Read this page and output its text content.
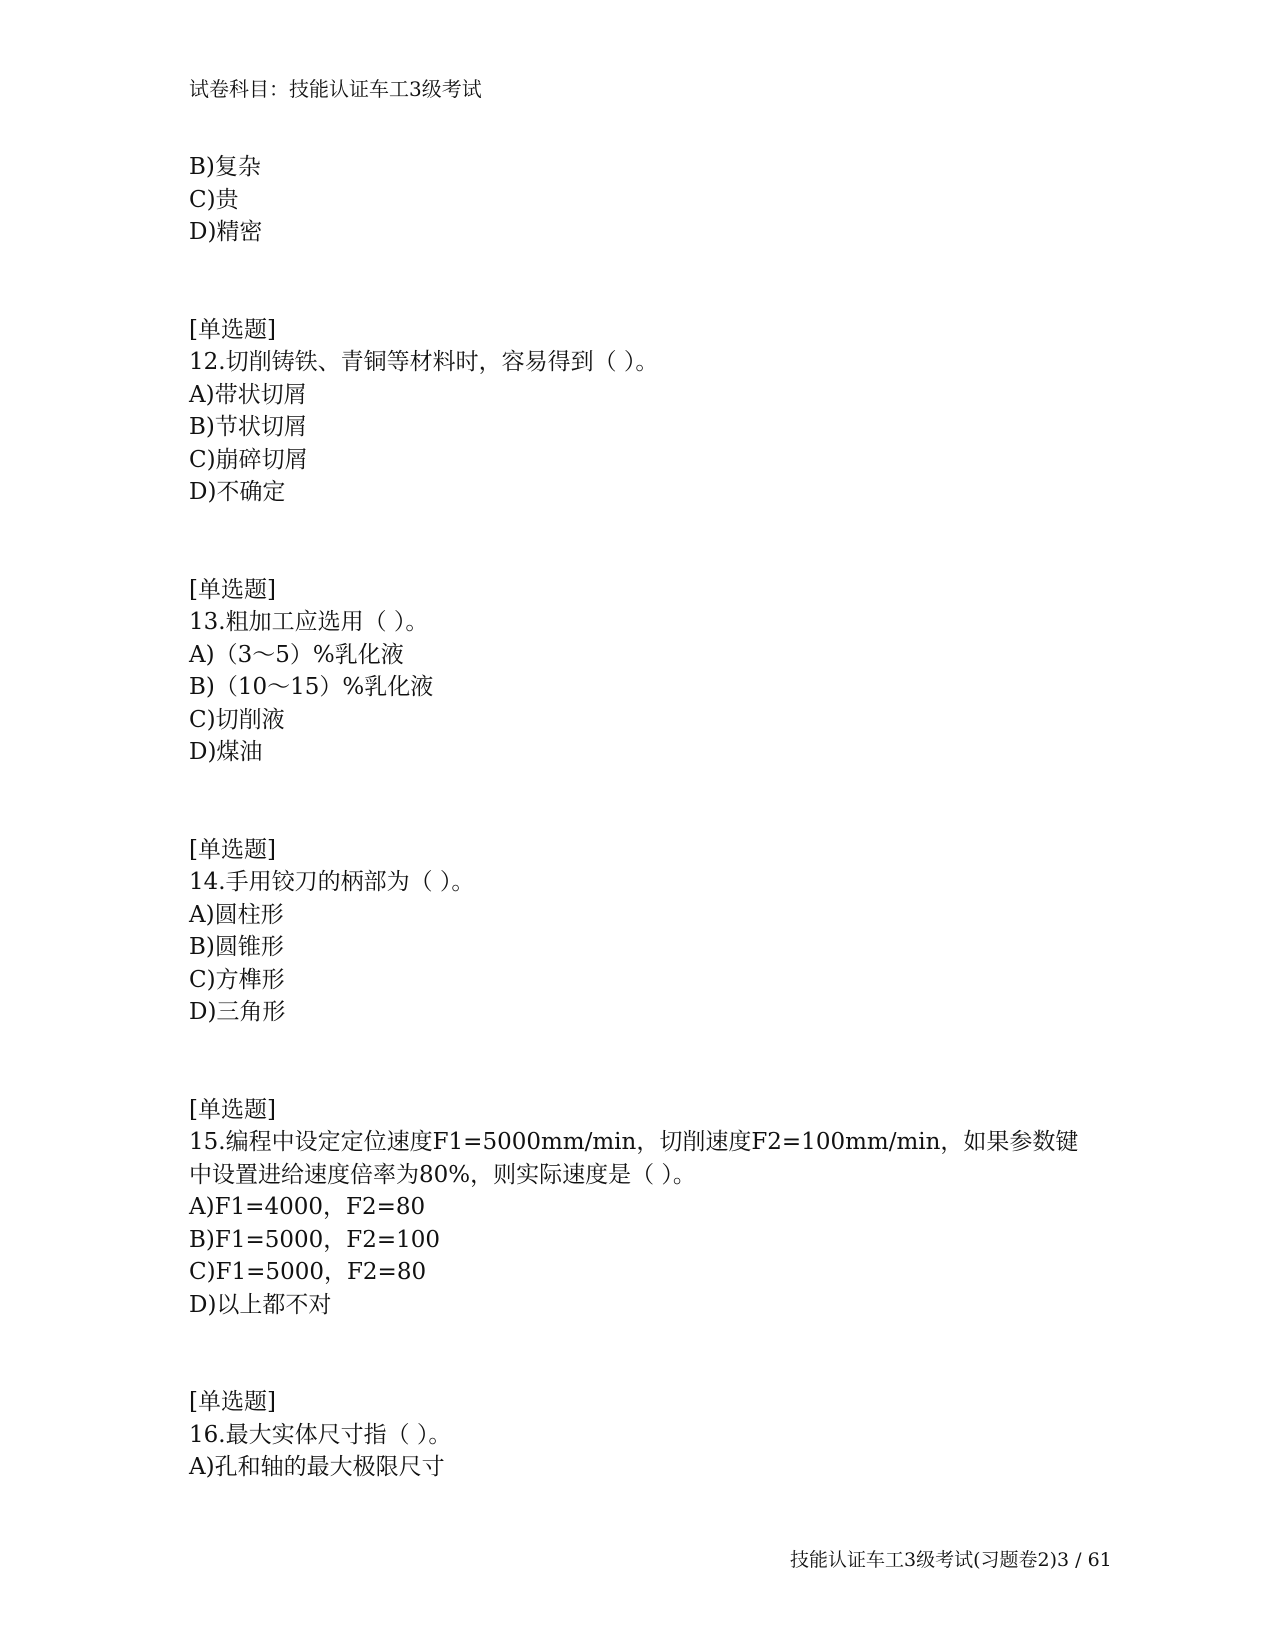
试卷科目：技能认证车工3级考试
B)复杂
C)贵
D)精密
[单选题]
12.切削铸铁、青铜等材料时，容易得到（ ）。
A)带状切屑
B)节状切屑
C)崩碎切屑
D)不确定
[单选题]
13.粗加工应选用（ ）。
A)（3～5）%乳化液
B)（10～15）%乳化液
C)切削液
D)煤油
[单选题]
14.手用铰刀的柄部为（ ）。
A)圆柱形
B)圆锥形
C)方榫形
D)三角形
[单选题]
15.编程中设定定位速度F1=5000mm/min，切削速度F2=100mm/min，如果参数键中设置进给速度倍率为80%，则实际速度是（ ）。
A)F1=4000，F2=80
B)F1=5000，F2=100
C)F1=5000，F2=80
D)以上都不对
[单选题]
16.最大实体尺寸指（ ）。
A)孔和轴的最大极限尺寸
技能认证车工3级考试(习题卷2)3 / 61
